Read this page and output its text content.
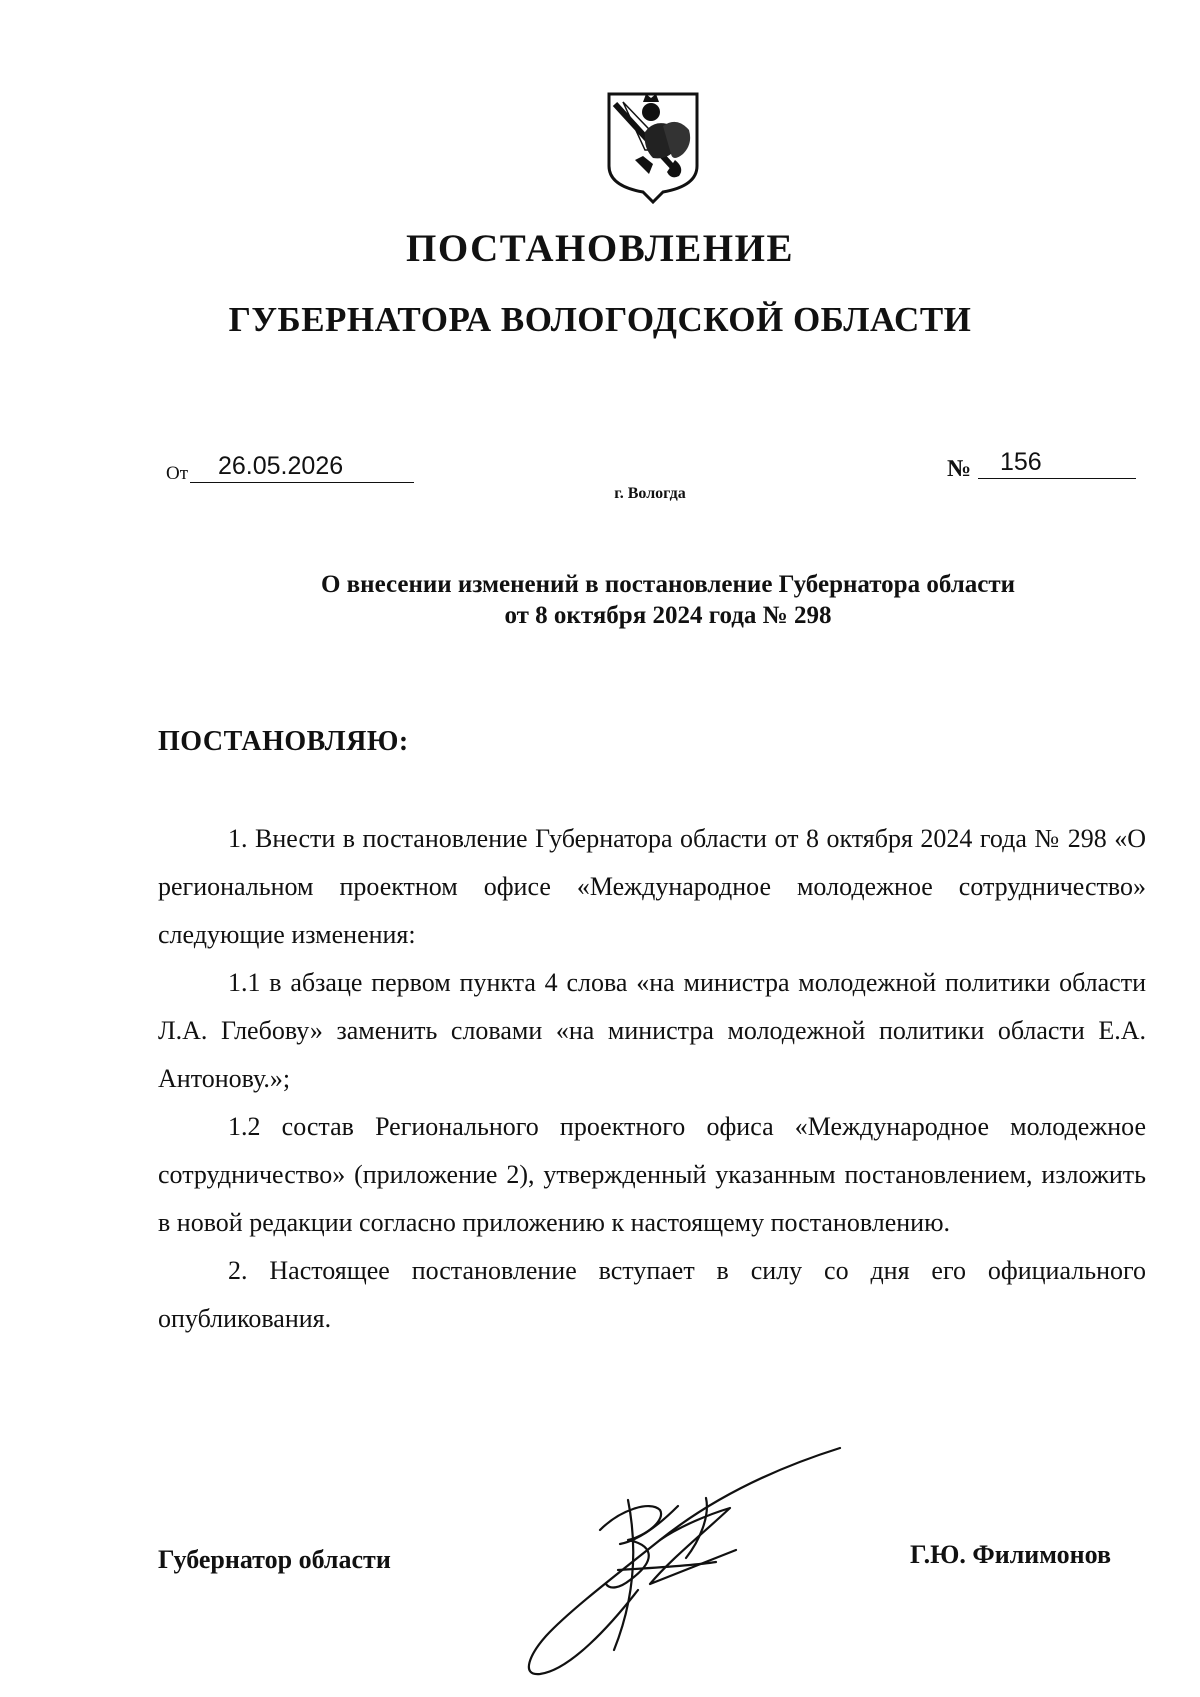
ПОСТАНОВЛЕНИЕ
ГУБЕРНАТОРА ВОЛОГОДСКОЙ ОБЛАСТИ
От	26.05.2026	№	156
г. Вологда
О внесении изменений в постановление Губернатора области
от 8 октября 2024 года № 298
ПОСТАНОВЛЯЮ:

1. Внести в постановление Губернатора области от 8 октября 2024 года № 298 «О региональном проектном офисе «Международное молодежное сотрудничество» следующие изменения:

1.1 в абзаце первом пункта 4 слова «на министра молодежной политики области Л.А. Глебову» заменить словами «на министра молодежной политики области Е.А. Антонову.»;

1.2 состав Регионального проектного офиса «Международное молодежное сотрудничество» (приложение 2), утвержденный указанным постановлением, изложить в новой редакции согласно приложению к настоящему постановлению.

2. Настоящее постановление вступает в силу со дня его официального опубликования.

Губернатор области	Г.Ю. Филимонов
